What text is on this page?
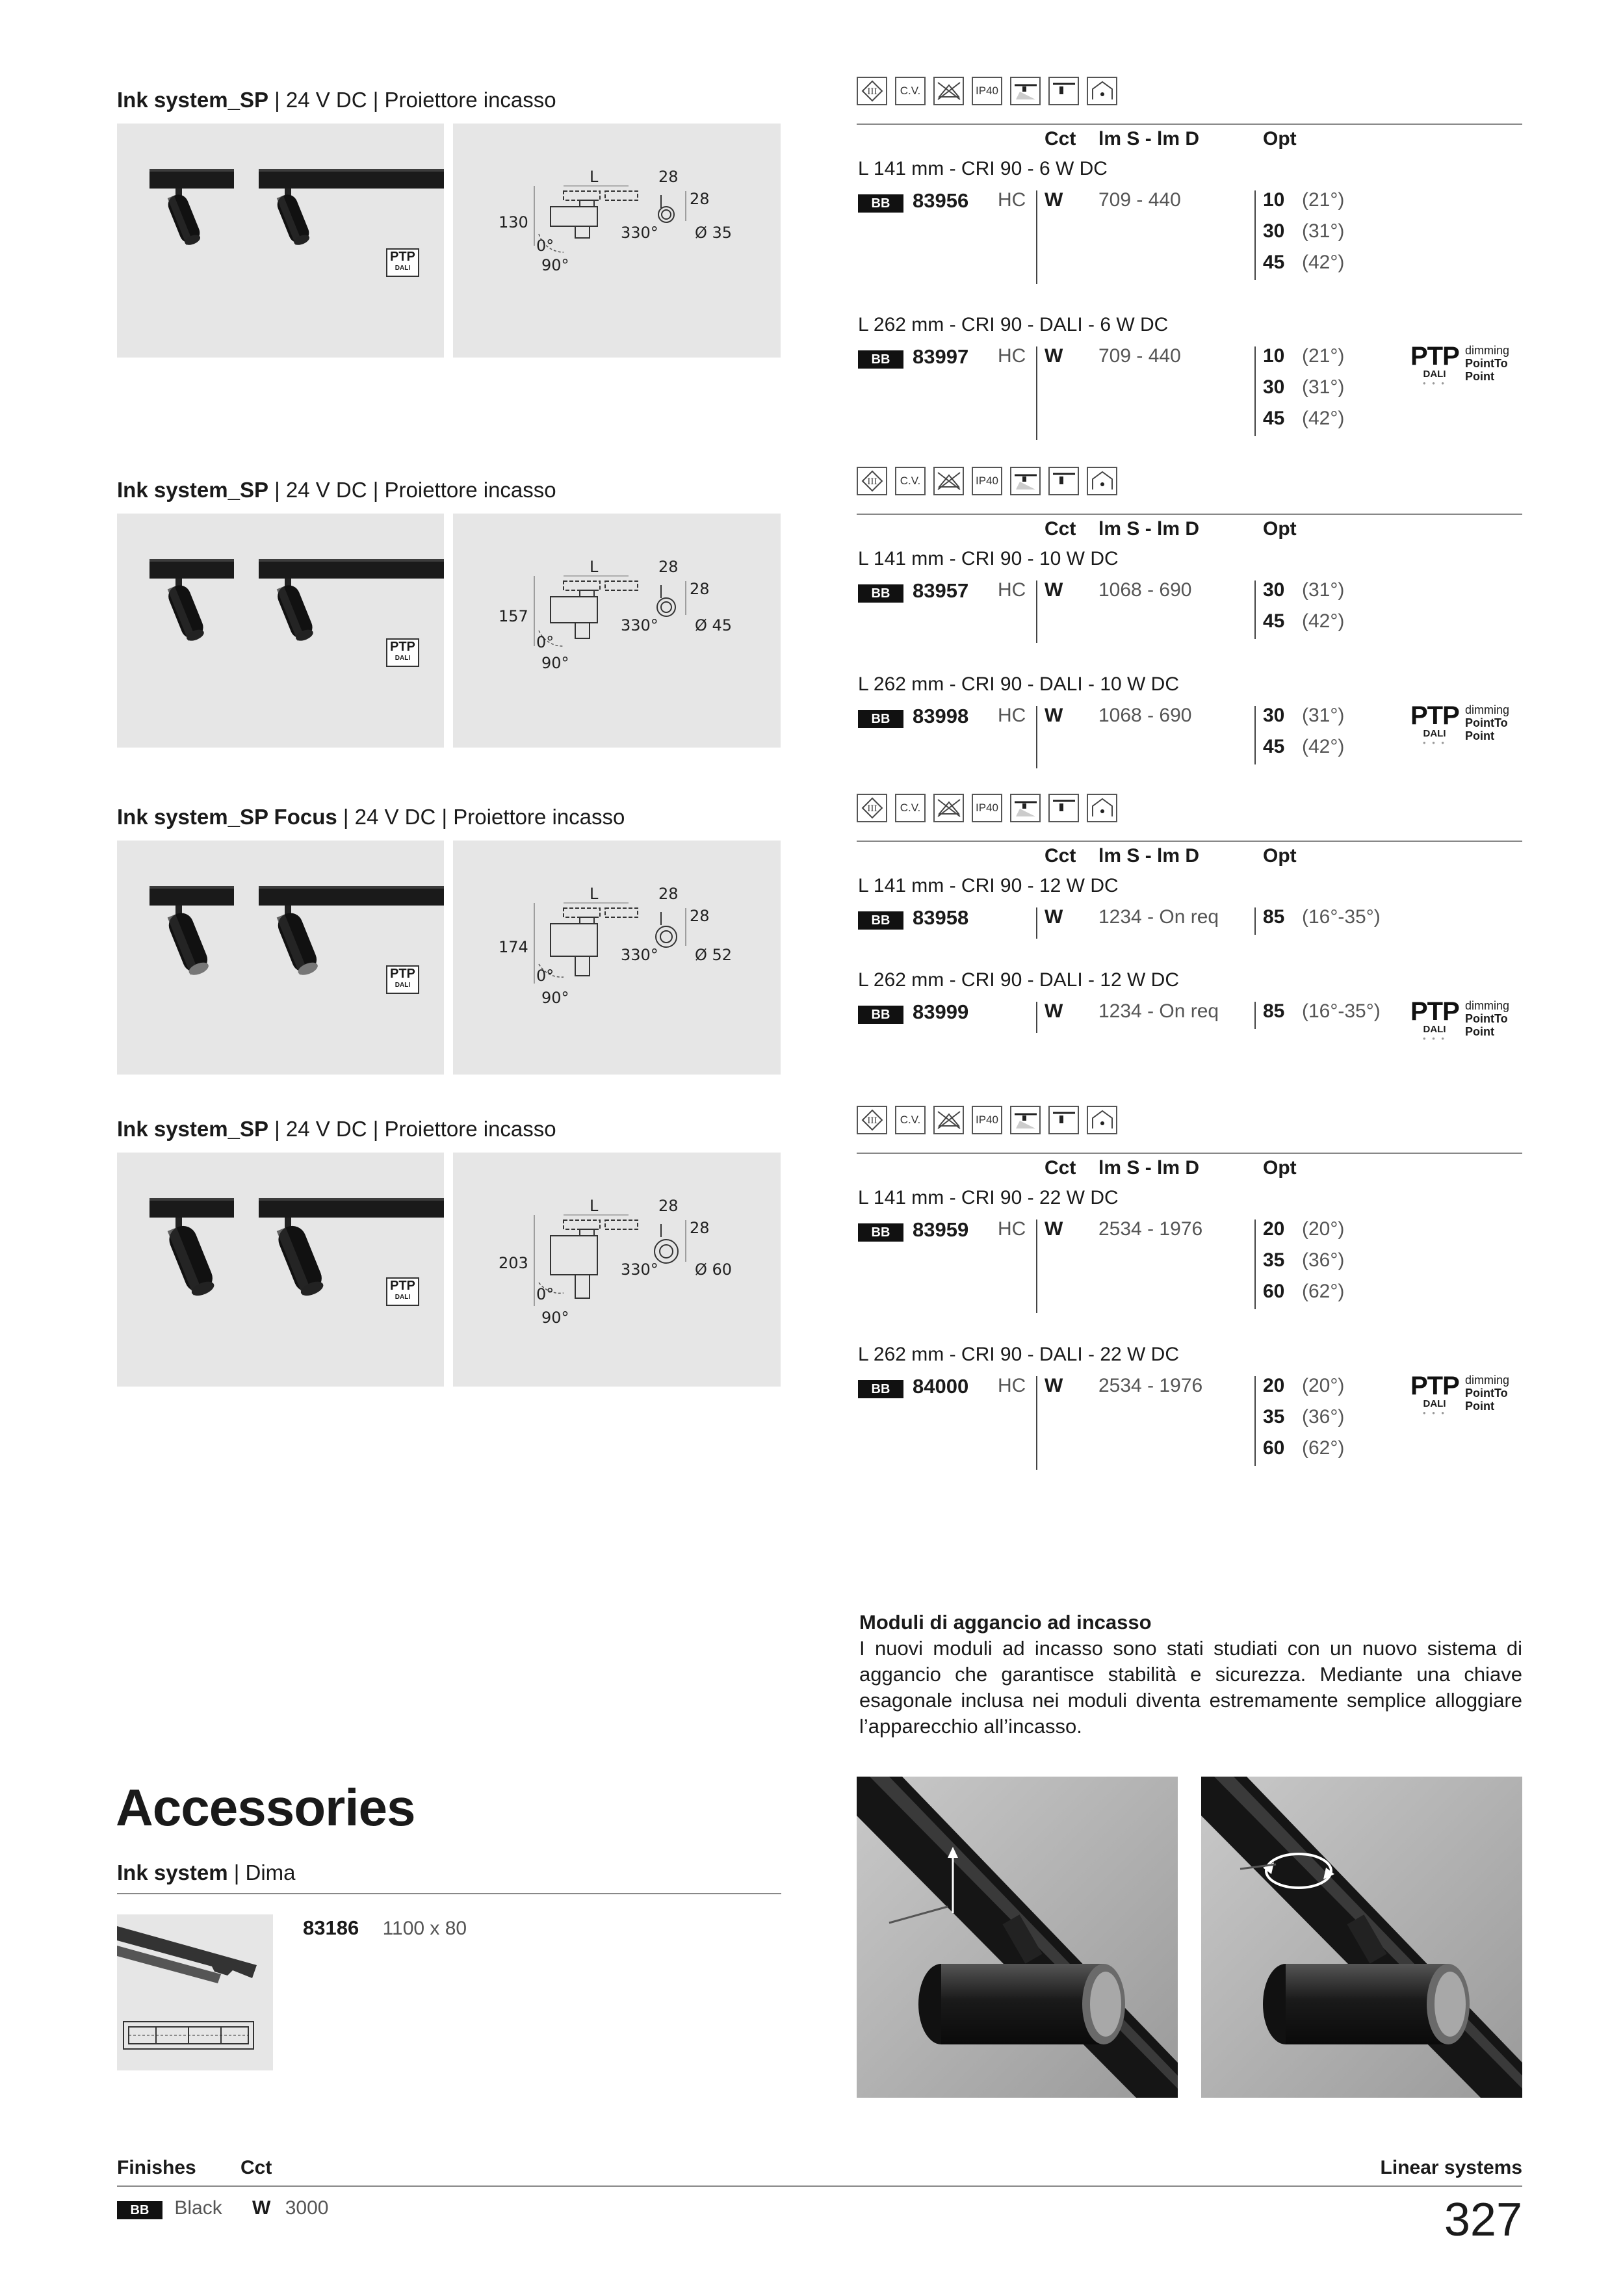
Ink system_SP | 24 V DC | Proiettore incasso
PTP
DALI
L	28
28
130
330° Ø 35
0°
90°
III C.V.	IP40
Cct lm S - lm D	Opt
L 141 mm - CRI 90 - 6 W DC
BB	83956 HC W 709 - 440	10 (21°)
30 (31°)
45 (42°)
L 262 mm - CRI 90 - DALI - 6 W DC
BB	83997 HC W 709 - 440	10 (21°)
30 (31°)
45 (42°)
PTP
DALI
• • •
dimming
PointTo
Point
Ink system_SP | 24 V DC | Proiettore incasso
PTP
DALI
L	28
28
157	330° Ø 45
0°
90°
III C.V.	IP40
Cct lm S - lm D	Opt
L 141 mm - CRI 90 - 10 W DC
BB	83957 HC W 1068 - 690	30 (31°)
45 (42°)
L 262 mm - CRI 90 - DALI - 10 W DC
BB	83998 HC W 1068 - 690	30 (31°)
45 (42°)
PTP
DALI
• • •
dimming
PointTo
Point
Ink system_SP Focus | 24 V DC | Proiettore incasso
PTP
DALI
L	28
28
174	330° Ø 52
0°
90°
III C.V.	IP40
Cct lm S - lm D	Opt
L 141 mm - CRI 90 - 12 W DC
BB	83958	W 1234 - On req 85 (16°-35°)
L 262 mm - CRI 90 - DALI - 12 W DC
BB	83999	W 1234 - On req 85 (16°-35°) PTP
DALI
• • •
dimming
PointTo
Point
Ink system_SP | 24 V DC | Proiettore incasso
PTP
DALI
L	28
28
203	330° Ø 60
0°
90°
III C.V.	IP40
Cct lm S - lm D	Opt
L 141 mm - CRI 90 - 22 W DC
BB	83959 HC W 2534 - 1976	20 (20°)
35 (36°)
60 (62°)
L 262 mm - CRI 90 - DALI - 22 W DC
BB	84000 HC W 2534 - 1976	20 (20°)
35 (36°)
60 (62°)
PTP
DALI
• • •
dimming
PointTo
Point
Moduli di aggancio ad incasso
I nuovi moduli ad incasso sono stati studiati con un nuovo sistema di aggancio che garantisce stabilità e sicurezza. Mediante una chiave esagonale inclusa nei moduli diventa estremamente semplice alloggiare l’apparecchio all’incasso.
Accessories
Ink system | Dima
83186 1100 x 80
Finishes Cct	Linear systems
BB Black W 3000	327
